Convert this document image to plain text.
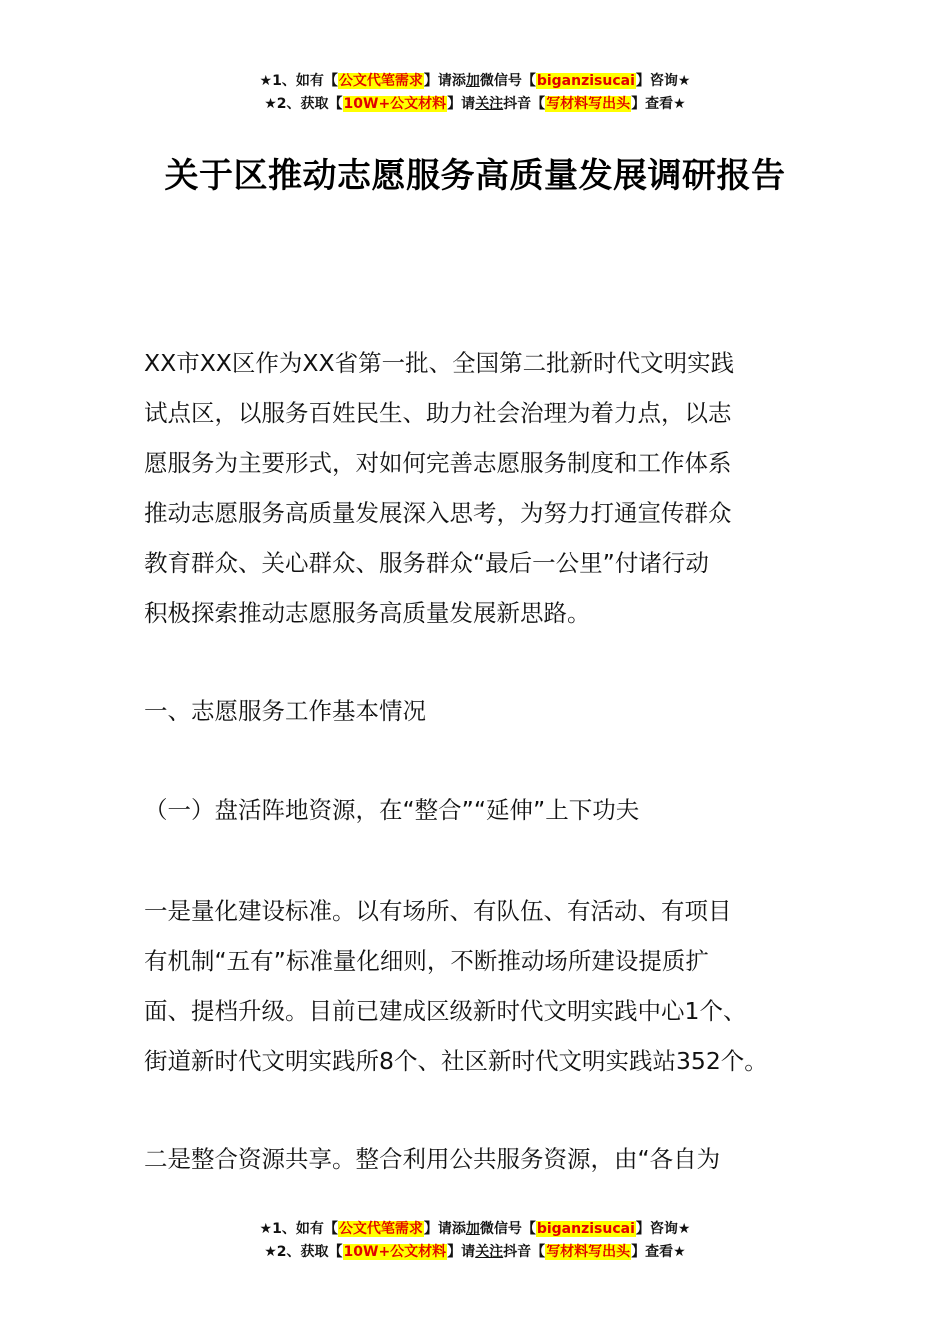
★1、如有【公文代笔需求】请添加微信号【biganzisucai】咨询★
★2、获取【10W+公文材料】请关注抖音【写材料写出头】查看★
关于区推动志愿服务高质量发展调研报告
XX市XX区作为XX省第一批、全国第二批新时代文明实践
试点区，以服务百姓民生、助力社会治理为着力点，以志
愿服务为主要形式，对如何完善志愿服务制度和工作体系
推动志愿服务高质量发展深入思考，为努力打通宣传群众
教育群众、关心群众、服务群众“最后一公里”付诸行动
积极探索推动志愿服务高质量发展新思路。
一、志愿服务工作基本情况
（一）盘活阵地资源，在“整合”“延伸”上下功夫
一是量化建设标准。以有场所、有队伍、有活动、有项目
有机制“五有”标准量化细则，不断推动场所建设提质扩
面、提档升级。目前已建成区级新时代文明实践中心1个、
街道新时代文明实践所8个、社区新时代文明实践站352个。
二是整合资源共享。整合利用公共服务资源，由“各自为
★1、如有【公文代笔需求】请添加微信号【biganzisucai】咨询★
★2、获取【10W+公文材料】请关注抖音【写材料写出头】查看★
